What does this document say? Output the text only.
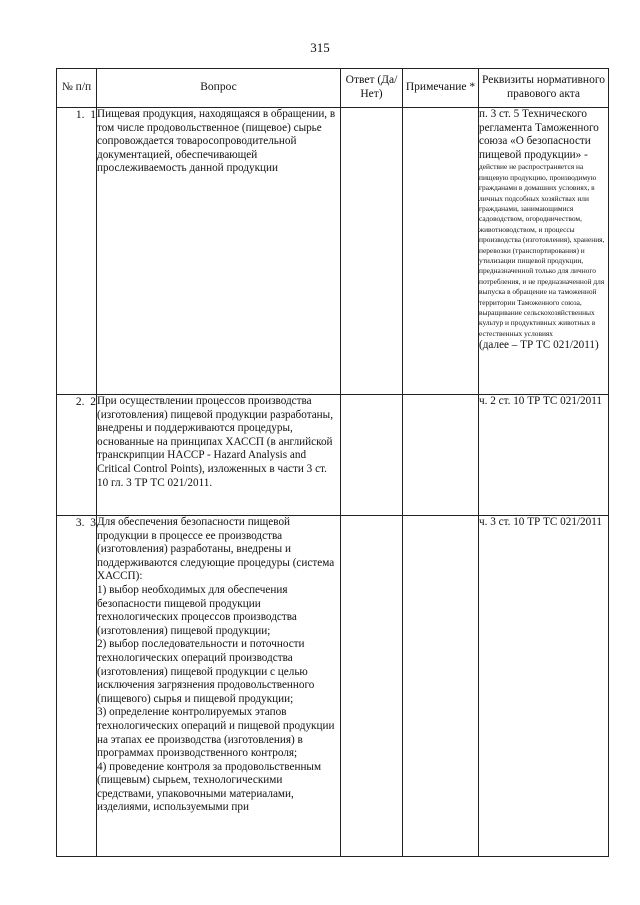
315
№ п/п	Вопрос	Ответ (Да/Нет)	Примечание *	Реквизиты нормативного правового акта
1. 1	Пищевая продукция, находящаяся в обращении, в том числе продовольственное (пищевое) сырье сопровождается товаросопроводительной документацией, обеспечивающей прослеживаемость данной продукции			п. 3 ст. 5 Технического регламента Таможенного союза «О безопасности пищевой продукции» -
действие не распространяется на пищевую продукцию, производимую гражданами в домашних условиях, в личных подсобных хозяйствах или гражданами, занимающимися садоводством, огородничеством, животноводством, и процессы производства (изготовления), хранения, перевозки (транспортирования) и утилизации пищевой продукции, предназначенной только для личного потребления, и не предназначенной для выпуска в обращение на таможенной территории Таможенного союза, выращивание сельскохозяйственных культур и продуктивных животных в естественных условиях
(далее – ТР ТС 021/2011)

2. 2	При осуществлении процессов производства (изготовления) пищевой продукции разработаны, внедрены и поддерживаются процедуры, основанные на принципах ХАССП (в английской транскрипции HACCP - Hazard Analysis and Critical Control Points), изложенных в части 3 ст. 10 гл. 3 ТР ТС 021/2011.			ч. 2 ст. 10 ТР ТС 021/2011

3. 3	Для обеспечения безопасности пищевой продукции в процессе ее производства (изготовления) разработаны, внедрены и поддерживаются следующие процедуры (система ХАССП):
1) выбор необходимых для обеспечения безопасности пищевой продукции технологических процессов производства (изготовления) пищевой продукции;
2) выбор последовательности и поточности технологических операций производства (изготовления) пищевой продукции с целью исключения загрязнения продовольственного (пищевого) сырья и пищевой продукции;
3) определение контролируемых этапов технологических операций и пищевой продукции на этапах ее производства (изготовления) в программах производственного контроля;
4) проведение контроля за продовольственным (пищевым) сырьем, технологическими средствами, упаковочными материалами, изделиями, используемыми при			ч. 3 ст. 10 ТР ТС 021/2011
